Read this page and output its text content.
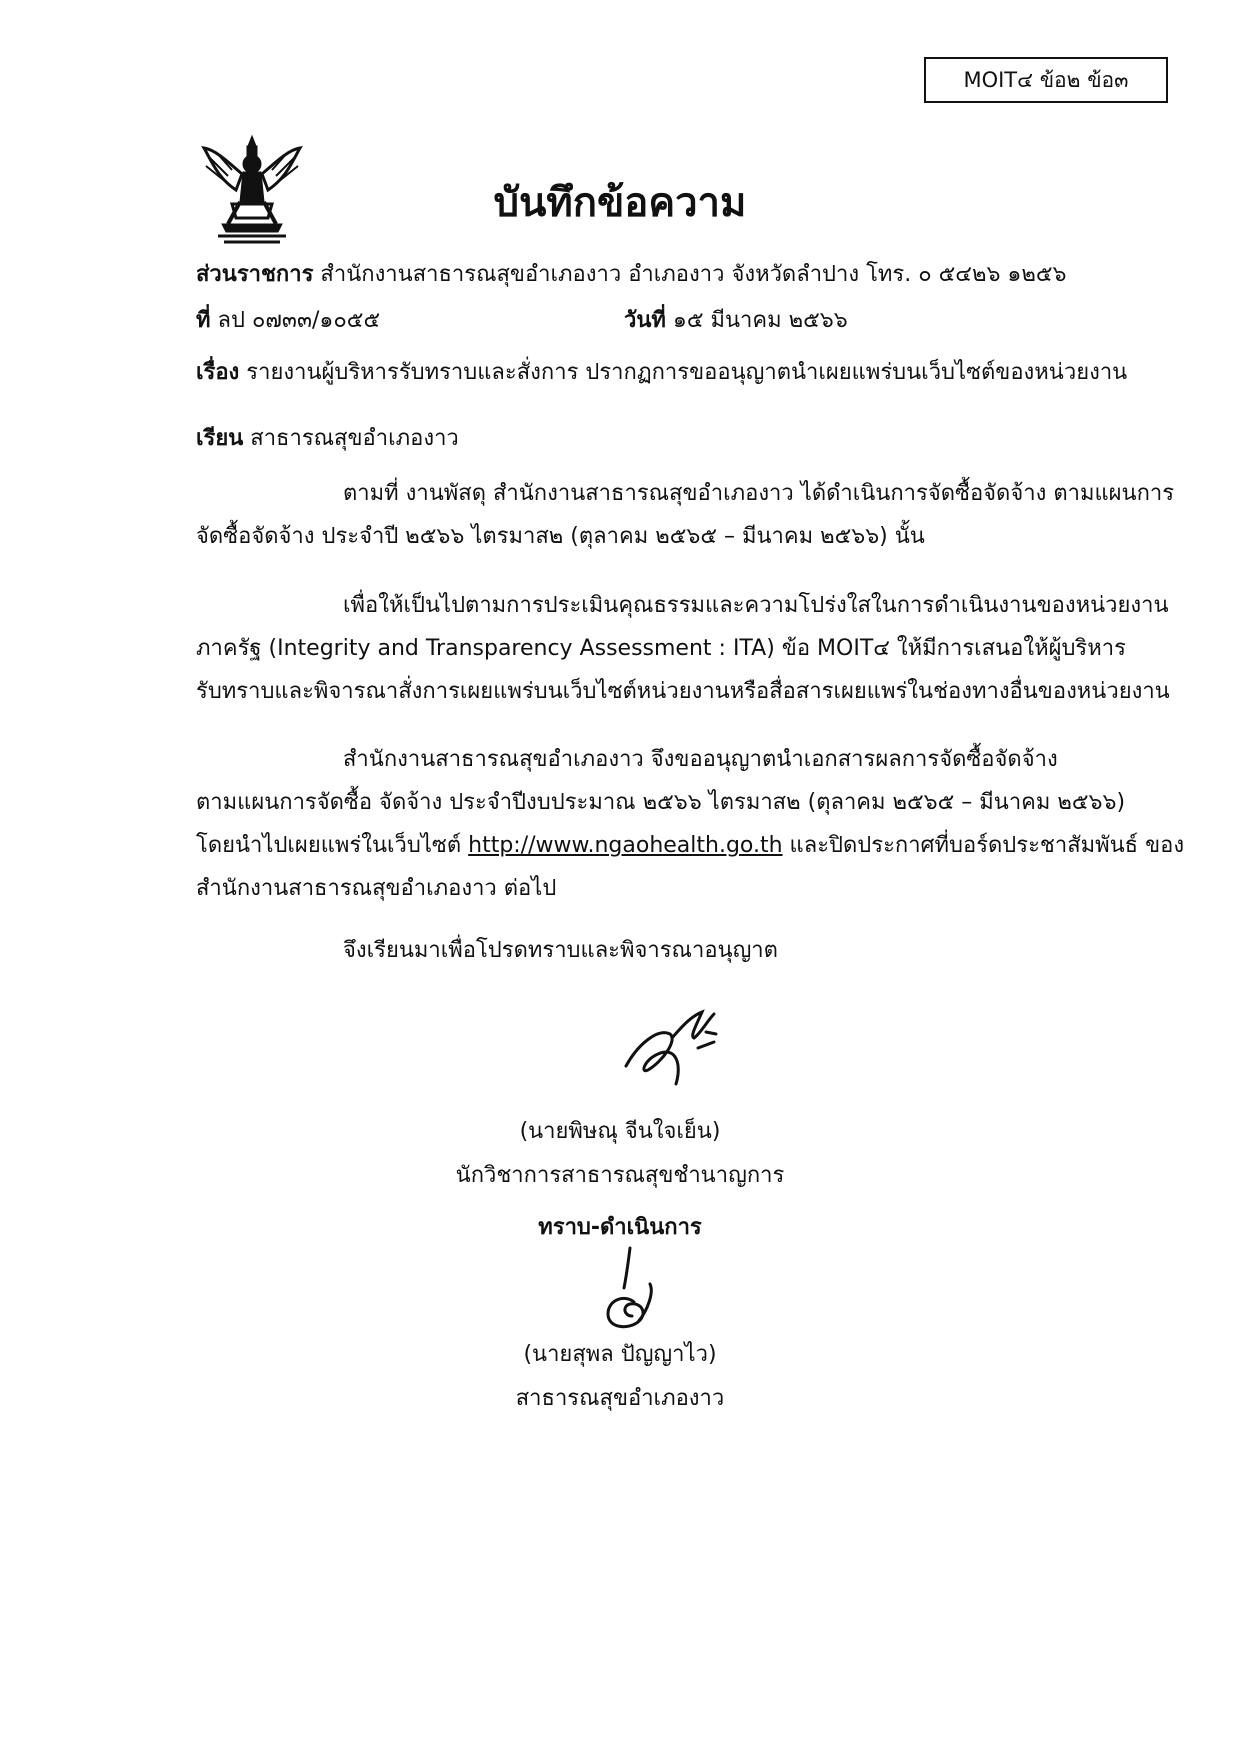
MOIT๔ ข้อ๒ ข้อ๓
บันทึกข้อความ
ส่วนราชการ สำนักงานสาธารณสุขอำเภองาว อำเภองาว จังหวัดลำปาง โทร. ๐ ๕๔๒๖ ๑๒๕๖
ที่ ลป ๐๗๓๓/๑๐๕๕	วันที่ ๑๕ มีนาคม ๒๕๖๖
เรื่อง รายงานผู้บริหารรับทราบและสั่งการ ปรากฏการขออนุญาตนำเผยแพร่บนเว็บไซต์ของหน่วยงาน
เรียน สาธารณสุขอำเภองาว
ตามที่ งานพัสดุ สำนักงานสาธารณสุขอำเภองาว ได้ดำเนินการจัดซื้อจัดจ้าง ตามแผนการ
จัดซื้อจัดจ้าง ประจำปี ๒๕๖๖ ไตรมาส๒ (ตุลาคม ๒๕๖๕ – มีนาคม ๒๕๖๖) นั้น
เพื่อให้เป็นไปตามการประเมินคุณธรรมและความโปร่งใสในการดำเนินงานของหน่วยงาน
ภาครัฐ (Integrity and Transparency Assessment : ITA) ข้อ MOIT๔ ให้มีการเสนอให้ผู้บริหาร
รับทราบและพิจารณาสั่งการเผยแพร่บนเว็บไซต์หน่วยงานหรือสื่อสารเผยแพร่ในช่องทางอื่นของหน่วยงาน
สำนักงานสาธารณสุขอำเภองาว จึงขออนุญาตนำเอกสารผลการจัดซื้อจัดจ้าง
ตามแผนการจัดซื้อ จัดจ้าง ประจำปีงบประมาณ ๒๕๖๖ ไตรมาส๒ (ตุลาคม ๒๕๖๕ – มีนาคม ๒๕๖๖)
โดยนำไปเผยแพร่ในเว็บไซต์ http://www.ngaohealth.go.th และปิดประกาศที่บอร์ดประชาสัมพันธ์ ของ
สำนักงานสาธารณสุขอำเภองาว ต่อไป
จึงเรียนมาเพื่อโปรดทราบและพิจารณาอนุญาต
(นายพิษณุ จีนใจเย็น)
นักวิชาการสาธารณสุขชำนาญการ
ทราบ-ดำเนินการ
(นายสุพล ปัญญาไว)
สาธารณสุขอำเภองาว
